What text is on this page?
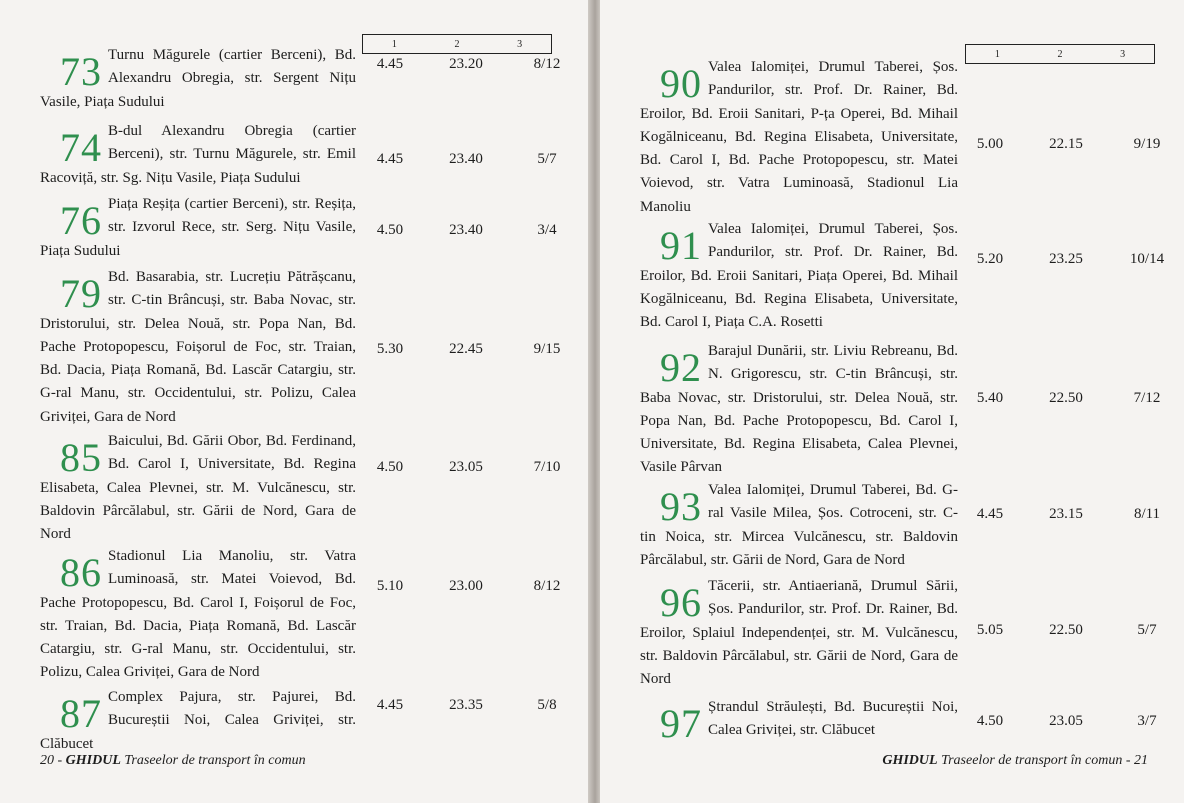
1	2	3
73 Turnu Măgurele (cartier Berceni), Bd. Alexandru Obregia, str. Sergent Nițu Vasile, Piața Sudului
4.45	23.20	8/12
74 B-dul Alexandru Obregia (cartier Berceni), str. Turnu Măgurele, str. Emil Racoviță, str. Sg. Nițu Vasile, Piața Sudului
4.45	23.40	5/7
76 Piața Reșița (cartier Berceni), str. Reșița, str. Izvorul Rece, str. Serg. Nițu Vasile, Piața Sudului
4.50	23.40	3/4
79 Bd. Basarabia, str. Lucrețiu Pătrășcanu, str. C-tin Brâncuși, str. Baba Novac, str. Dristorului, str. Delea Nouă, str. Popa Nan, Bd. Pache Protopopescu, Foișorul de Foc, str. Traian, Bd. Dacia, Piața Romană, Bd. Lascăr Catargiu, str. G-ral Manu, str. Occidentului, str. Polizu, Calea Griviței, Gara de Nord
5.30	22.45	9/15
85 Baicului, Bd. Gării Obor, Bd. Ferdinand, Bd. Carol I, Universitate, Bd. Regina Elisabeta, Calea Plevnei, str. M. Vulcănescu, str. Baldovin Pârcălabul, str. Gării de Nord, Gara de Nord
4.50	23.05	7/10
86 Stadionul Lia Manoliu, str. Vatra Luminoasă, str. Matei Voievod, Bd. Pache Protopopescu, Bd. Carol I, Foișorul de Foc, str. Traian, Bd. Dacia, Piața Romană, Bd. Lascăr Catargiu, str. G-ral Manu, str. Occidentului, str. Polizu, Calea Griviței, Gara de Nord
5.10	23.00	8/12
87 Complex Pajura, str. Pajurei, Bd. Bucureștii Noi, Calea Griviței, str. Clăbucet
4.45	23.35	5/8
20 - GHIDUL Traseelor de transport în comun
1	2	3
90 Valea Ialomiței, Drumul Taberei, Șos. Pandurilor, str. Prof. Dr. Rainer, Bd. Eroilor, Bd. Eroii Sanitari, P-ța Operei, Bd. Mihail Kogălniceanu, Bd. Regina Elisabeta, Universitate, Bd. Carol I, Bd. Pache Protopopescu, str. Matei Voievod, str. Vatra Luminoasă, Stadionul Lia Manoliu
5.00	22.15	9/19
91 Valea Ialomiței, Drumul Taberei, Șos. Pandurilor, str. Prof. Dr. Rainer, Bd. Eroilor, Bd. Eroii Sanitari, Piața Operei, Bd. Mihail Kogălniceanu, Bd. Regina Elisabeta, Universitate, Bd. Carol I, Piața C.A. Rosetti
5.20	23.25	10/14
92 Barajul Dunării, str. Liviu Rebreanu, Bd. N. Grigorescu, str. C-tin Brâncuși, str. Baba Novac, str. Dristorului, str. Delea Nouă, str. Popa Nan, Bd. Pache Protopopescu, Bd. Carol I, Universitate, Bd. Regina Elisabeta, Calea Plevnei, Vasile Pârvan
5.40	22.50	7/12
93 Valea Ialomiței, Drumul Taberei, Bd. G-ral Vasile Milea, Șos. Cotroceni, str. C-tin Noica, str. Mircea Vulcănescu, str. Baldovin Pârcălabul, str. Gării de Nord, Gara de Nord
4.45	23.15	8/11
96 Tăcerii, str. Antiaeriană, Drumul Sării, Șos. Pandurilor, str. Prof. Dr. Rainer, Bd. Eroilor, Splaiul Independenței, str. M. Vulcănescu, str. Baldovin Pârcălabul, str. Gării de Nord, Gara de Nord
5.05	22.50	5/7
97 Ștrandul Străulești, Bd. Bucureștii Noi, Calea Griviței, str. Clăbucet
4.50	23.05	3/7
GHIDUL Traseelor de transport în comun - 21
